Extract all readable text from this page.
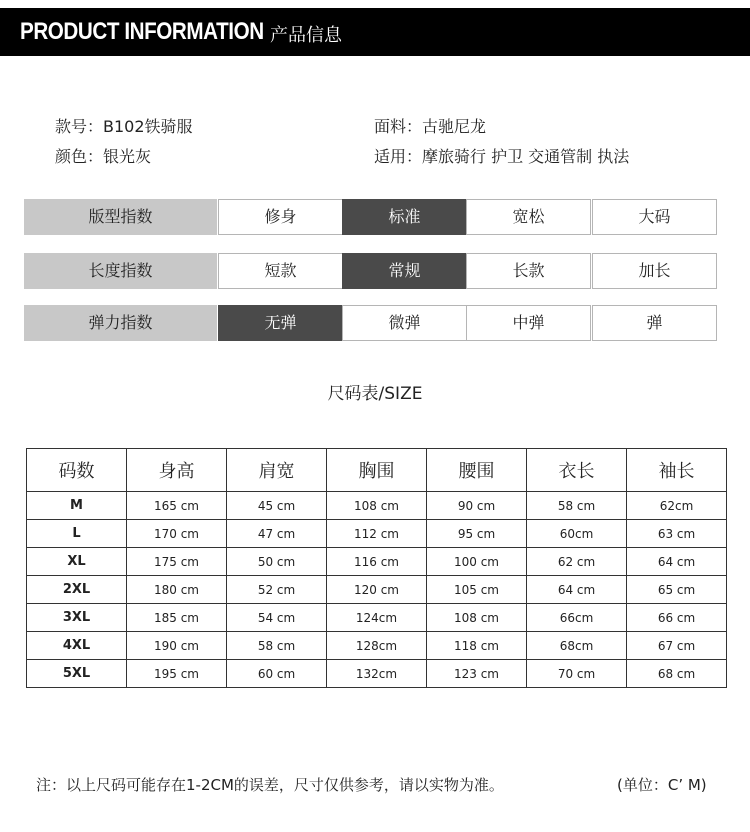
PRODUCT INFORMATION 产品信息
款号：B102铁骑服
颜色：银光灰
面料：古驰尼龙
适用：摩旅骑行 护卫 交通管制 执法
版型指数	修身	标准	宽松	大码
长度指数	短款	常规	长款	加长
弹力指数	无弹	微弹	中弹	弹
尺码表/SIZE
码数	身高	肩宽	胸围	腰围	衣长	袖长
M	165 cm	45 cm	108 cm	90 cm	58 cm	62cm
L	170 cm	47 cm	112 cm	95 cm	60cm	63 cm
XL	175 cm	50 cm	116 cm	100 cm	62 cm	64 cm
2XL	180 cm	52 cm	120 cm	105 cm	64 cm	65 cm
3XL	185 cm	54 cm	124cm	108 cm	66cm	66 cm
4XL	190 cm	58 cm	128cm	118 cm	68cm	67 cm
5XL	195 cm	60 cm	132cm	123 cm	70 cm	68 cm
注：以上尺码可能存在1-2CM的误差，尺寸仅供参考，请以实物为准。	(单位：C’ M)
